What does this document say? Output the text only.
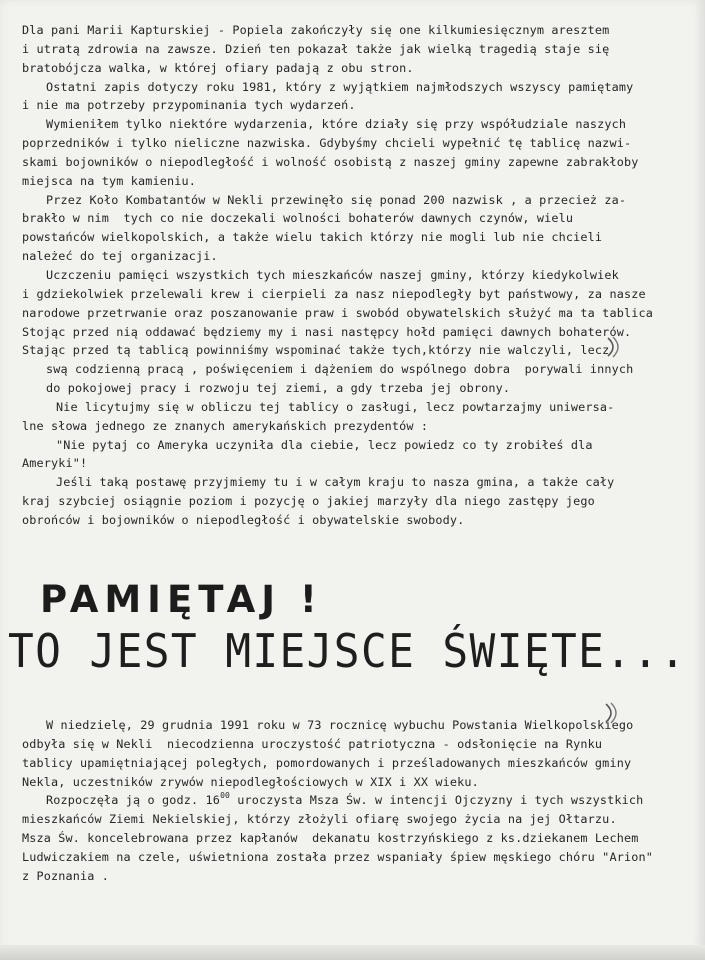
Dla pani Marii Kapturskiej - Popiela zakończyły się one kilkumiesięcznym aresztem

i utratą zdrowia na zawsze. Dzień ten pokazał także jak wielką tragedią staje się

bratobójcza walka, w której ofiary padają z obu stron.

Ostatni zapis dotyczy roku 1981, który z wyjątkiem najmłodszych wszyscy pamiętamy

i nie ma potrzeby przypominania tych wydarzeń.

Wymieniłem tylko niektóre wydarzenia, które działy się przy współudziale naszych

poprzedników i tylko nieliczne nazwiska. Gdybyśmy chcieli wypełnić tę tablicę nazwi-

skami bojowników o niepodległość i wolność osobistą z naszej gminy zapewne zabrakłoby

miejsca na tym kamieniu.

Przez Koło Kombatantów w Nekli przewinęło się ponad 200 nazwisk , a przecież za-

brakło w nim  tych co nie doczekali wolności bohaterów dawnych czynów, wielu

powstańców wielkopolskich, a także wielu takich którzy nie mogli lub nie chcieli

należeć do tej organizacji.

Uczczeniu pamięci wszystkich tych mieszkańców naszej gminy, którzy kiedykolwiek

i gdziekolwiek przelewali krew i cierpieli za nasz niepodległy byt państwowy, za nasze

narodowe przetrwanie oraz poszanowanie praw i swobód obywatelskich służyć ma ta tablica

Stojąc przed nią oddawać będziemy my i nasi następcy hołd pamięci dawnych bohaterów.

Stając przed tą tablicą powinniśmy wspominać także tych,którzy nie walczyli, lecz

swą codzienną pracą , poświęceniem i dążeniem do wspólnego dobra  porywali innych

do pokojowej pracy i rozwoju tej ziemi, a gdy trzeba jej obrony.

Nie licytujmy się w obliczu tej tablicy o zasługi, lecz powtarzajmy uniwersa-

lne słowa jednego ze znanych amerykańskich prezydentów :

"Nie pytaj co Ameryka uczyniła dla ciebie, lecz powiedz co ty zrobiłeś dla

Ameryki"!

Jeśli taką postawę przyjmiemy tu i w całym kraju to nasza gmina, a także cały

kraj szybciej osiągnie poziom i pozycję o jakiej marzyły dla niego zastępy jego

obrońców i bojowników o niepodległość i obywatelskie swobody.

PAMIĘTAJ !
TO JEST MIEJSCE ŚWIĘTE...

W niedzielę, 29 grudnia 1991 roku w 73 rocznicę wybuchu Powstania Wielkopolskiego

odbyła się w Nekli  niecodzienna uroczystość patriotyczna - odsłonięcie na Rynku

tablicy upamiętniającej poległych, pomordowanych i prześladowanych mieszkańców gminy

Nekla, uczestników zrywów niepodległościowych w XIX i XX wieku.

Rozpoczęła ją o godz. $16^{00}$ uroczysta Msza Św. w intencji Ojczyzny i tych wszystkich

mieszkańców Ziemi Nekielskiej, którzy złożyli ofiarę swojego życia na jej Ołtarzu.

Msza Św. koncelebrowana przez kapłanów  dekanatu kostrzyńskiego z ks.dziekanem Lechem

Ludwiczakiem na czele, uświetniona została przez wspaniały śpiew męskiego chóru "Arion"

z Poznania .
